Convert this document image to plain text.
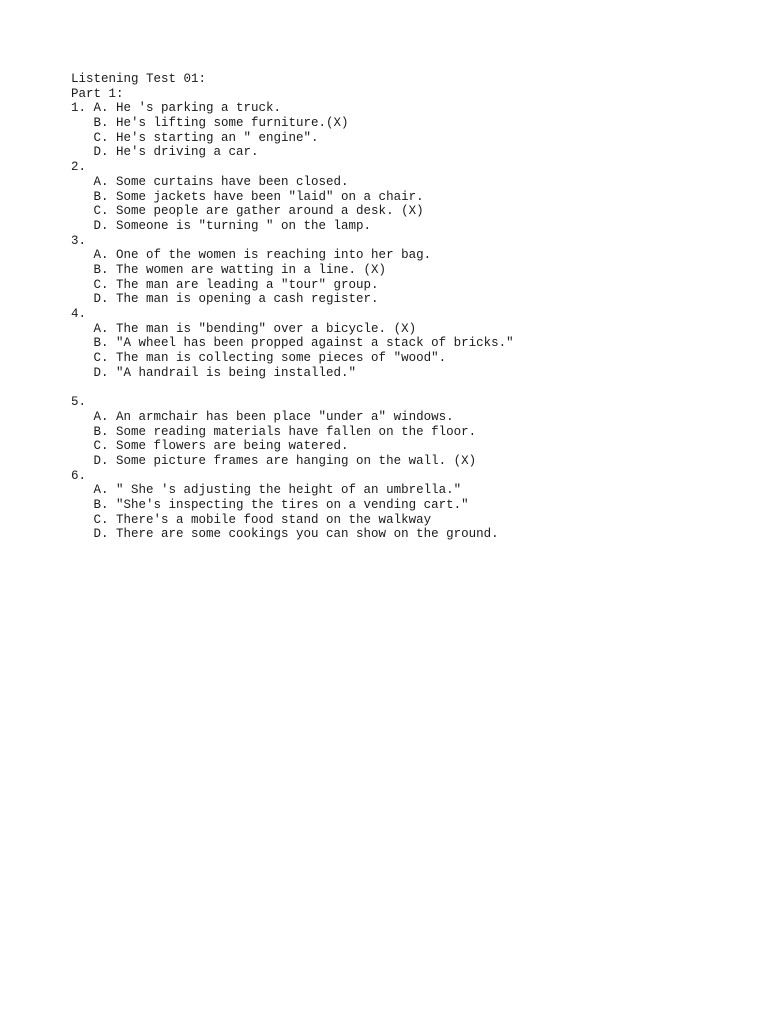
Listening Test 01:
Part 1:
1. A. He 's parking a truck.
B. He's lifting some furniture.(X)
C. He's starting an " engine".
D. He's driving a car.
2.
A. Some curtains have been closed.
B. Some jackets have been "laid" on a chair.
C. Some people are gather around a desk. (X)
D. Someone is "turning " on the lamp.
3.
A. One of the women is reaching into her bag.
B. The women are watting in a line. (X)
C. The man are leading a "tour" group.
D. The man is opening a cash register.
4.
A. The man is "bending" over a bicycle. (X)
B. "A wheel has been propped against a stack of bricks."
C. The man is collecting some pieces of "wood".
D. "A handrail is being installed."
5.
A. An armchair has been place "under a" windows.
B. Some reading materials have fallen on the floor.
C. Some flowers are being watered.
D. Some picture frames are hanging on the wall. (X)
6.
A. " She 's adjusting the height of an umbrella."
B. "She's inspecting the tires on a vending cart."
C. There's a mobile food stand on the walkway
D. There are some cookings you can show on the ground.
